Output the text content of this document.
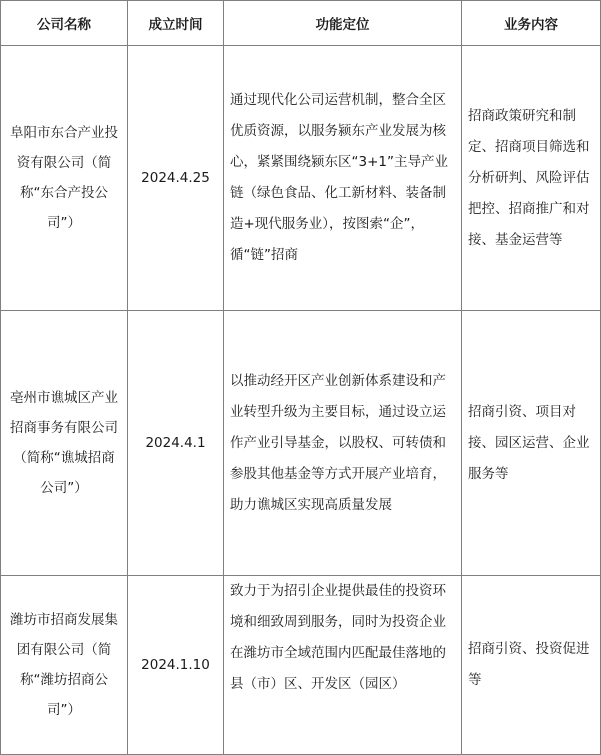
公司名称	成立时间	功能定位	业务内容

阜阳市东合产业投资有限公司（简称“东合产投公司”）	2024.4.25	通过现代化公司运营机制，整合全区优质资源，以服务颍东产业发展为核心，紧紧围绕颍东区“3+1”主导产业链（绿色食品、化工新材料、装备制造+现代服务业），按图索“企”，循“链”招商	招商政策研究和制定、招商项目筛选和分析研判、风险评估把控、招商推广和对接、基金运营等

亳州市谯城区产业招商事务有限公司（简称“谯城招商公司”）	2024.4.1	以推动经开区产业创新体系建设和产业转型升级为主要目标，通过设立运作产业引导基金，以股权、可转债和参股其他基金等方式开展产业培育，助力谯城区实现高质量发展	招商引资、项目对接、园区运营、企业服务等

潍坊市招商发展集团有限公司（简称“潍坊招商公司”）	2024.1.10	致力于为招引企业提供最佳的投资环境和细致周到服务，同时为投资企业在潍坊市全域范围内匹配最佳落地的县（市）区、开发区（园区）	招商引资、投资促进等
